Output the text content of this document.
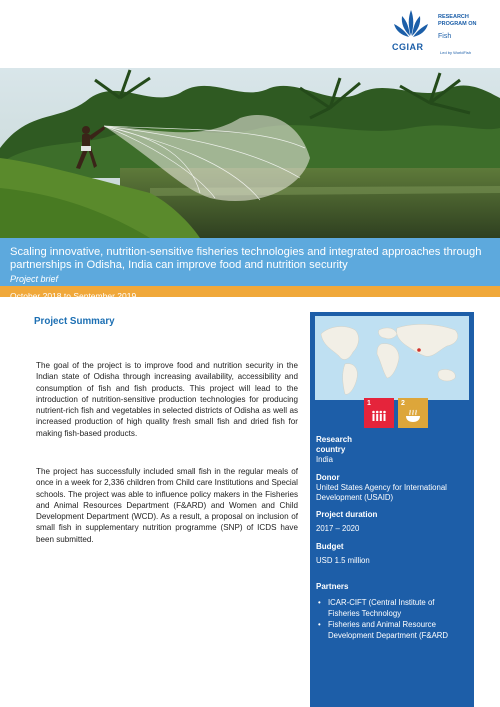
CGIAR
RESEARCH
PROGRAM ON
Fish
Led by WorldFish
Scaling innovative, nutrition-sensitive fisheries technologies and integrated approaches through partnerships in Odisha, India can improve food and nutrition security
Project brief
October 2018 to September 2019
Project Summary

The goal of the project is to improve food and nutrition security in the Indian state of Odisha through increasing availability, accessibility and consumption of fish and fish products. This project will lead to the introduction of nutrition-sensitive production technologies for producing nutrient-rich fish and vegetables in selected districts of Odisha as well as increased production of high quality fresh small fish and dried fish for making fish-based products.

The project has successfully included small fish in the regular meals of once in a week for 2,336 children from Child care Institutions and Special schools. The project was able to influence policy makers in the Fisheries and Animal Resources Department (F&ARD) and Women and Child Development Department (WCD). As a result, a proposal on inclusion of small fish in supplementary nutrition programme (SNP) of ICDS have been submitted.

1	2
Research
country
India
Donor
United States Agency for International Development (USAID)
Project duration
2017 – 2020
Budget
USD 1.5 million
Partners
• ICAR-CIFT (Central Institute of Fisheries Technology
• Fisheries and Animal Resource Development Department (F&ARD
